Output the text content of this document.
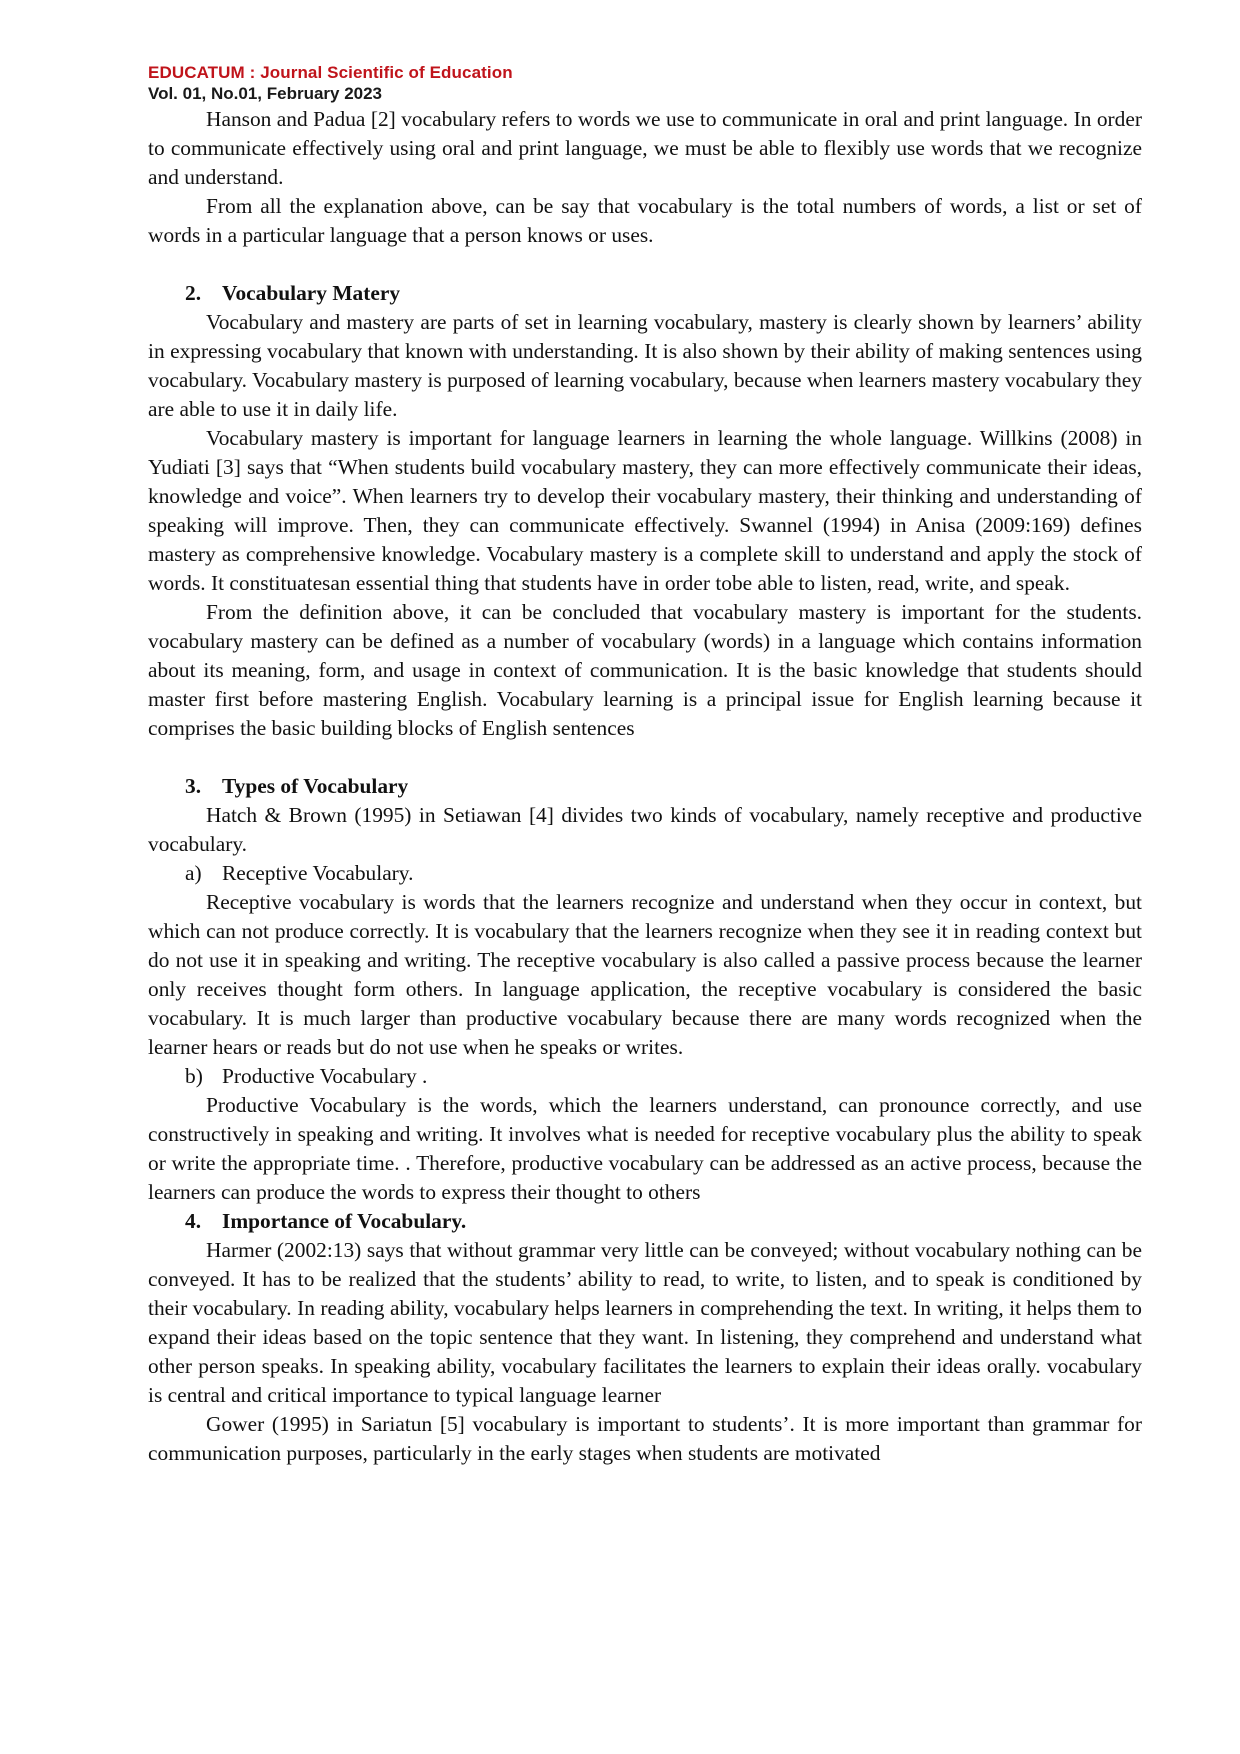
EDUCATUM : Journal Scientific of Education
Vol. 01, No.01, February 2023

Hanson and Padua [2] vocabulary refers to words we use to communicate in oral and print language. In order to communicate effectively using oral and print language, we must be able to flexibly use words that we recognize and understand.

From all the explanation above, can be say that vocabulary is the total numbers of words, a list or set of words in a particular language that a person knows or uses.

2. Vocabulary Matery

Vocabulary and mastery are parts of set in learning vocabulary, mastery is clearly shown by learners’ ability in expressing vocabulary that known with understanding. It is also shown by their ability of making sentences using vocabulary. Vocabulary mastery is purposed of learning vocabulary, because when learners mastery vocabulary they are able to use it in daily life.

Vocabulary mastery is important for language learners in learning the whole language. Willkins (2008) in Yudiati [3] says that “When students build vocabulary mastery, they can more effectively communicate their ideas, knowledge and voice”. When learners try to develop their vocabulary mastery, their thinking and understanding of speaking will improve. Then, they can communicate effectively. Swannel (1994) in Anisa (2009:169) defines mastery as comprehensive knowledge. Vocabulary mastery is a complete skill to understand and apply the stock of words. It constituatesan essential thing that students have in order tobe able to listen, read, write, and speak.

From the definition above, it can be concluded that vocabulary mastery is important for the students. vocabulary mastery can be defined as a number of vocabulary (words) in a language which contains information about its meaning, form, and usage in context of communication. It is the basic knowledge that students should master first before mastering English. Vocabulary learning is a principal issue for English learning because it comprises the basic building blocks of English sentences

3. Types of Vocabulary

Hatch & Brown (1995) in Setiawan [4] divides two kinds of vocabulary, namely receptive and productive vocabulary.

a) Receptive Vocabulary.

Receptive vocabulary is words that the learners recognize and understand when they occur in context, but which can not produce correctly. It is vocabulary that the learners recognize when they see it in reading context but do not use it in speaking and writing. The receptive vocabulary is also called a passive process because the learner only receives thought form others. In language application, the receptive vocabulary is considered the basic vocabulary. It is much larger than productive vocabulary because there are many words recognized when the learner hears or reads but do not use when he speaks or writes.

b) Productive Vocabulary .

Productive Vocabulary is the words, which the learners understand, can pronounce correctly, and use constructively in speaking and writing. It involves what is needed for receptive vocabulary plus the ability to speak or write the appropriate time. . Therefore, productive vocabulary can be addressed as an active process, because the learners can produce the words to express their thought to others

4. Importance of Vocabulary.

Harmer (2002:13) says that without grammar very little can be conveyed; without vocabulary nothing can be conveyed. It has to be realized that the students’ ability to read, to write, to listen, and to speak is conditioned by their vocabulary. In reading ability, vocabulary helps learners in comprehending the text. In writing, it helps them to expand their ideas based on the topic sentence that they want. In listening, they comprehend and understand what other person speaks. In speaking ability, vocabulary facilitates the learners to explain their ideas orally. vocabulary is central and critical importance to typical language learner

Gower (1995) in Sariatun [5] vocabulary is important to students’. It is more important than grammar for communication purposes, particularly in the early stages when students are motivated
